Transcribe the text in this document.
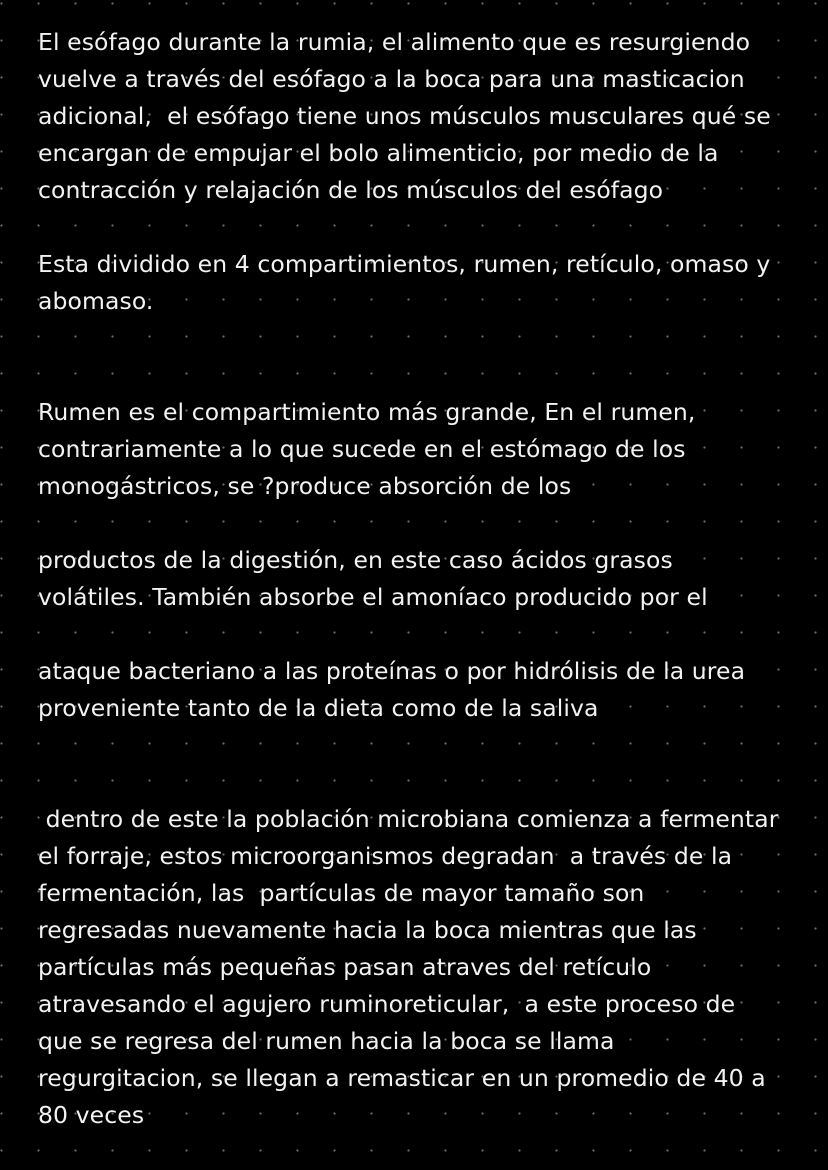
El esófago durante la rumia, el alimento que es resurgiendo
vuelve a través del esófago a la boca para una masticacion
adicional,  el esófago tiene unos músculos musculares qué se
encargan de empujar el bolo alimenticio, por medio de la
contracción y relajación de los músculos del esófago
Esta dividido en 4 compartimientos, rumen, retículo, omaso y
abomaso.
Rumen es el compartimiento más grande, En el rumen,
contrariamente a lo que sucede en el estómago de los
monogástricos, se ?produce absorción de los
productos de la digestión, en este caso ácidos grasos
volátiles. También absorbe el amoníaco producido por el
ataque bacteriano a las proteínas o por hidrólisis de la urea
proveniente tanto de la dieta como de la saliva
dentro de este la población microbiana comienza a fermentar
el forraje, estos microorganismos degradan  a través de la
fermentación, las  partículas de mayor tamaño son
regresadas nuevamente hacia la boca mientras que las
partículas más pequeñas pasan atraves del retículo
atravesando el agujero ruminoreticular,  a este proceso de
que se regresa del rumen hacia la boca se llama
regurgitacion, se llegan a remasticar en un promedio de 40 a
80 veces
